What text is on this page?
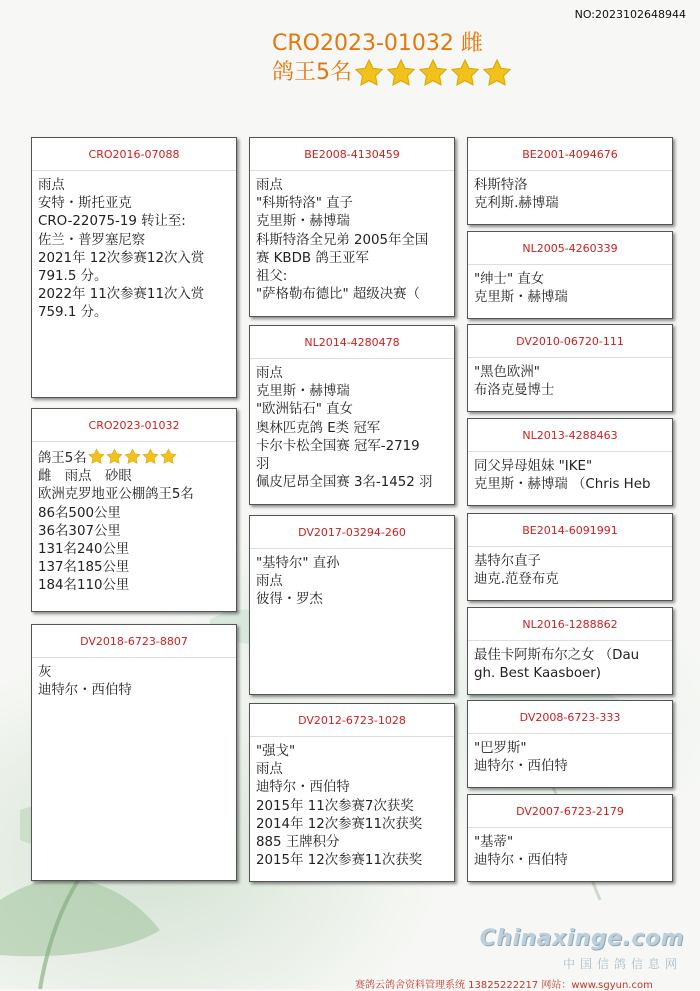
NO:2023102648944
CRO2023-01032 雌
鸽王5名
CRO2016-07088
雨点
安特・斯托亚克
CRO-22075-19 转让至:
佐兰・普罗塞尼察
2021年 12次参赛12次入赏
791.5 分。
2022年 11次参赛11次入赏
759.1 分。
CRO2023-01032
鸽王5名
雌　雨点　砂眼
欧洲克罗地亚公棚鸽王5名
86名500公里
36名307公里
131名240公里
137名185公里
184名110公里
DV2018-6723-8807
灰
迪特尔・西伯特
BE2008-4130459
雨点
"科斯特洛" 直子
克里斯・赫博瑞
科斯特洛全兄弟 2005年全国
赛 KBDB 鸽王亚军
祖父:
"萨格勒布德比" 超级决赛（
NL2014-4280478
雨点
克里斯・赫博瑞
"欧洲钻石" 直女
奥林匹克鸽 E类 冠军
卡尔卡松全国赛 冠军-2719
羽
佩皮尼昂全国赛 3名-1452 羽
DV2017-03294-260
"基特尔" 直孙
雨点
彼得・罗杰
DV2012-6723-1028
"强戈"
雨点
迪特尔・西伯特
2015年 11次参赛7次获奖
2014年 12次参赛11次获奖
885 王牌积分
2015年 12次参赛11次获奖
BE2001-4094676
科斯特洛
克利斯.赫博瑞
NL2005-4260339
"绅士" 直女
克里斯・赫博瑞
DV2010-06720-111
"黑色欧洲"
布洛克曼博士
NL2013-4288463
同父异母姐妹 "IKE"
克里斯・赫博瑞 （Chris Heb
BE2014-6091991
基特尔直子
迪克.范登布克
NL2016-1288862
最佳卡阿斯布尔之女 （Dau
gh. Best Kaasboer)
DV2008-6723-333
"巴罗斯"
迪特尔・西伯特
DV2007-6723-2179
"基蒂"
迪特尔・西伯特
Chinaxinge.com
中国信鸽信息网
赛鸽云鸽舍资料管理系统 13825222217 网站：www.sgyun.com
